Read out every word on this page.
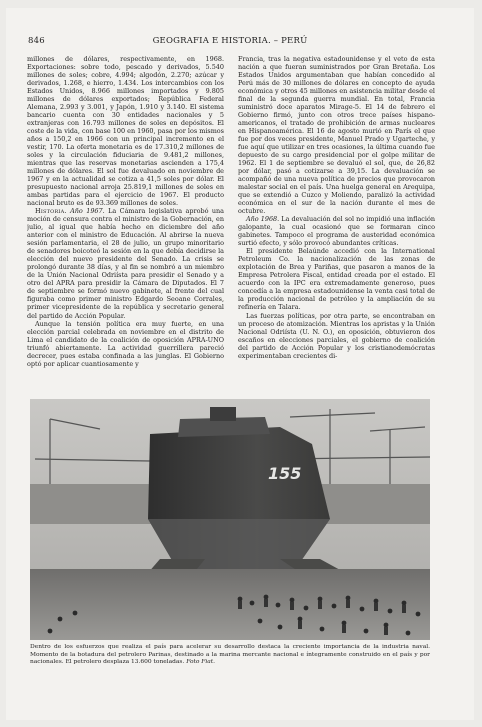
846	GEOGRAFIA E HISTORIA. – PERÚ

millones de dólares, respectivamente, en 1968. Exportaciones: sobre todo, pescado y derivados, 5.540 millones de soles; cobre, 4.994; algodón, 2.270; azúcar y derivados, 1.268, e hierro, 1.434. Los intercambios con los Estados Unidos, 8.966 millones importados y 9.805 millones de dólares exportados; República Federal Alemana, 2.993 y 3.001, y Japón, 1.910 y 3.140. El sistema bancario cuenta con 30 entidades nacionales y 5 extranjeras con 16.793 millones de soles en depósitos. El coste de la vida, con base 100 en 1960, pasa por los mismos años a 150,2 en 1966 con un principal incremento en el vestir, 170. La oferta monetaria es de 17.310,2 millones de soles y la circulación fiduciaria de 9.481,2 millones, mientras que las reservas monetarias ascienden a 175,4 millones de dólares. El sol fue devaluado en noviembre de 1967 y en la actualidad se cotiza a 41,5 soles por dólar. El presupuesto nacional arroja 25.819,1 millones de soles en ambas partidas para el ejercicio de 1967. El producto nacional bruto es de 93.369 millones de soles.

Historia. Año 1967. La Cámara legislativa aprobó una moción de censura contra el ministro de la Gobernación, en julio, al igual que había hecho en diciembre del año anterior con el ministro de Educación. Al abrirse la nueva sesión parlamentaria, el 28 de julio, un grupo minoritario de senadores boicoteó la sesión en la que debía decidirse la elección del nuevo presidente del Senado. La crisis se prolongó durante 38 días, y al fin se nombró a un miembro de la Unión Nacional Odriísta para presidir el Senado y a otro del APRA para presidir la Cámara de Diputados. El 7 de septiembre se formó nuevo gabinete, al frente del cual figuraba como primer ministro Edgardo Seoane Corrales, primer vicepresidente de la república y secretario general del partido de Acción Popular.

Aunque la tensión política era muy fuerte, en una elección parcial celebrada en noviembre en el distrito de Lima el candidato de la coalición de oposición APRA-UNO triunfó abiertamente. La actividad guerrillera pareció decrecer, pues estaba confinada a las junglas. El Gobierno optó por aplicar cuantiosamente y

Francia, tras la negativa estadounidense y el veto de esta nación a que fueran suministrados por Gran Bretaña. Los Estados Unidos argumentaban que habían concedido al Perú más de 30 millones de dólares en concepto de ayuda económica y otros 45 millones en asistencia militar desde el final de la segunda guerra mundial. En total, Francia suministró doce aparatos Mirage-5. El 14 de febrero el Gobierno firmó, junto con otros trece países hispano-americanos, el tratado de prohibición de armas nucleares en Hispanoamérica. El 16 de agosto murió en París el que fue por dos veces presidente, Manuel Prado y Ugarteche, y fue aquí que utilizar en tres ocasiones, la última cuando fue depuesto de su cargo presidencial por el golpe militar de 1962. El 1 de septiembre se devaluó el sol, que, de 26,82 por dólar, pasó a cotizarse a 39,15. La devaluación se acompañó de una nueva política de precios que provocaron malestar social en el país. Una huelga general en Arequipa, que se extendió a Cuzco y Moliendo, paralizó la actividad económica en el sur de la nación durante el mes de octubre.

Año 1968. La devaluación del sol no impidió una inflación galopante, la cual ocasionó que se formaran cinco gabinetes. Tampoco el programa de austeridad económica surtió efecto, y sólo provocó abundantes críticas.

El presidente Belaúnde accedió con la International Petroleum Co. la nacionalización de las zonas de explotación de Brea y Pariñas, que pasaron a manos de la Empresa Petrolera Fiscal, entidad creada por el estado. El acuerdo con la IPC era extremadamente generoso, pues concedía a la empresa estadounidense la venta casi total de la producción nacional de petróleo y la ampliación de su refinería en Talara.

Las fuerzas políticas, por otra parte, se encontraban en un proceso de atomización. Mientras los apristas y la Unión Nacional Odriísta (U. N. O.), en oposición, obtuvieron dos escaños en elecciones parciales, el gobierno de coalición del partido de Acción Popular y los cristianodemócratas experimentaban crecientes di-

155
Dentro de los esfuerzos que realiza el país para acelerar su desarrollo destaca la creciente importancia de la industria naval. Momento de la botadura del petrolero Parinas, destinado a la marina mercante nacional e íntegramente construido en el país y por nacionales. El petrolero desplaza 13.600 toneladas. Foto Fiat.
